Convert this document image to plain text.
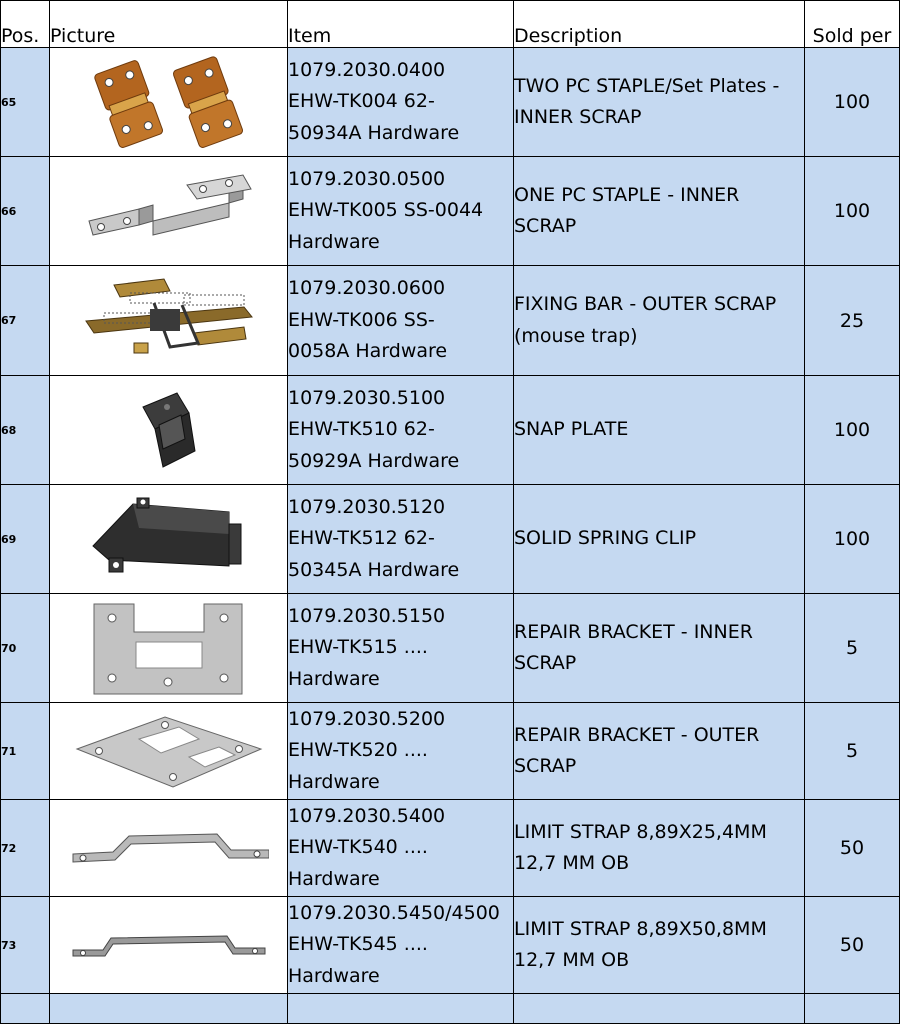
Pos.	Picture	Item	Description	Sold per
65		1079.2030.0400
EHW-TK004 62-
50934A Hardware	TWO PC STAPLE/Set Plates -
INNER SCRAP	100
66		1079.2030.0500
EHW-TK005 SS-0044
Hardware	ONE PC STAPLE - INNER
SCRAP	100
67		1079.2030.0600
EHW-TK006 SS-
0058A Hardware	FIXING BAR - OUTER SCRAP
(mouse trap)	25
68		1079.2030.5100
EHW-TK510 62-
50929A Hardware	SNAP PLATE	100
69		1079.2030.5120
EHW-TK512 62-
50345A Hardware	SOLID SPRING CLIP	100
70		1079.2030.5150
EHW-TK515 ....
Hardware	REPAIR BRACKET - INNER
SCRAP	5
71		1079.2030.5200
EHW-TK520 ....
Hardware	REPAIR BRACKET - OUTER
SCRAP	5
72		1079.2030.5400
EHW-TK540 ....
Hardware	LIMIT STRAP 8,89X25,4MM
12,7 MM OB	50
73		1079.2030.5450/4500
EHW-TK545 ....
Hardware	LIMIT STRAP 8,89X50,8MM
12,7 MM OB	50
